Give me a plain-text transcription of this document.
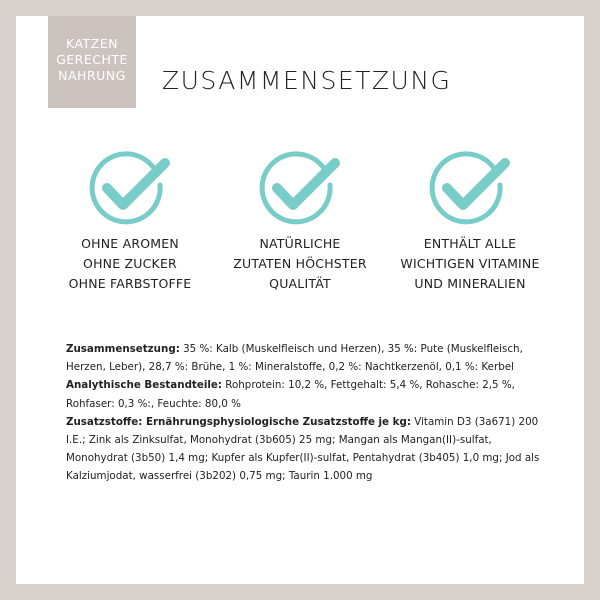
KATZEN
GERECHTE
NAHRUNG	ZUSAMMENSETZUNG
OHNE AROMEN
OHNE ZUCKER
OHNE FARBSTOFFE
NATÜRLICHE
ZUTATEN HÖCHSTER
QUALITÄT
ENTHÄLT ALLE
WICHTIGEN VITAMINE
UND MINERALIEN

Zusammensetzung: 35 %: Kalb (Muskelfleisch und Herzen), 35 %: Pute (Muskelfleisch, Herzen, Leber), 28,7 %: Brühe, 1 %: Mineralstoffe, 0,2 %: Nachtkerzenöl, 0,1 %: Kerbel

Analythische Bestandteile: Rohprotein: 10,2 %, Fettgehalt: 5,4 %, Rohasche: 2,5 %, Rohfaser: 0,3 %:, Feuchte: 80,0 %

Zusatzstoffe: Ernährungsphysiologische Zusatzstoffe je kg: Vitamin D3 (3a671) 200 I.E.; Zink als Zinksulfat, Monohydrat (3b605) 25 mg; Mangan als Mangan(II)-sulfat, Monohydrat (3b50) 1,4 mg; Kupfer als Kupfer(II)-sulfat, Pentahydrat (3b405) 1,0 mg; Jod als Kalziumjodat, wasserfrei (3b202) 0,75 mg; Taurin 1.000 mg
